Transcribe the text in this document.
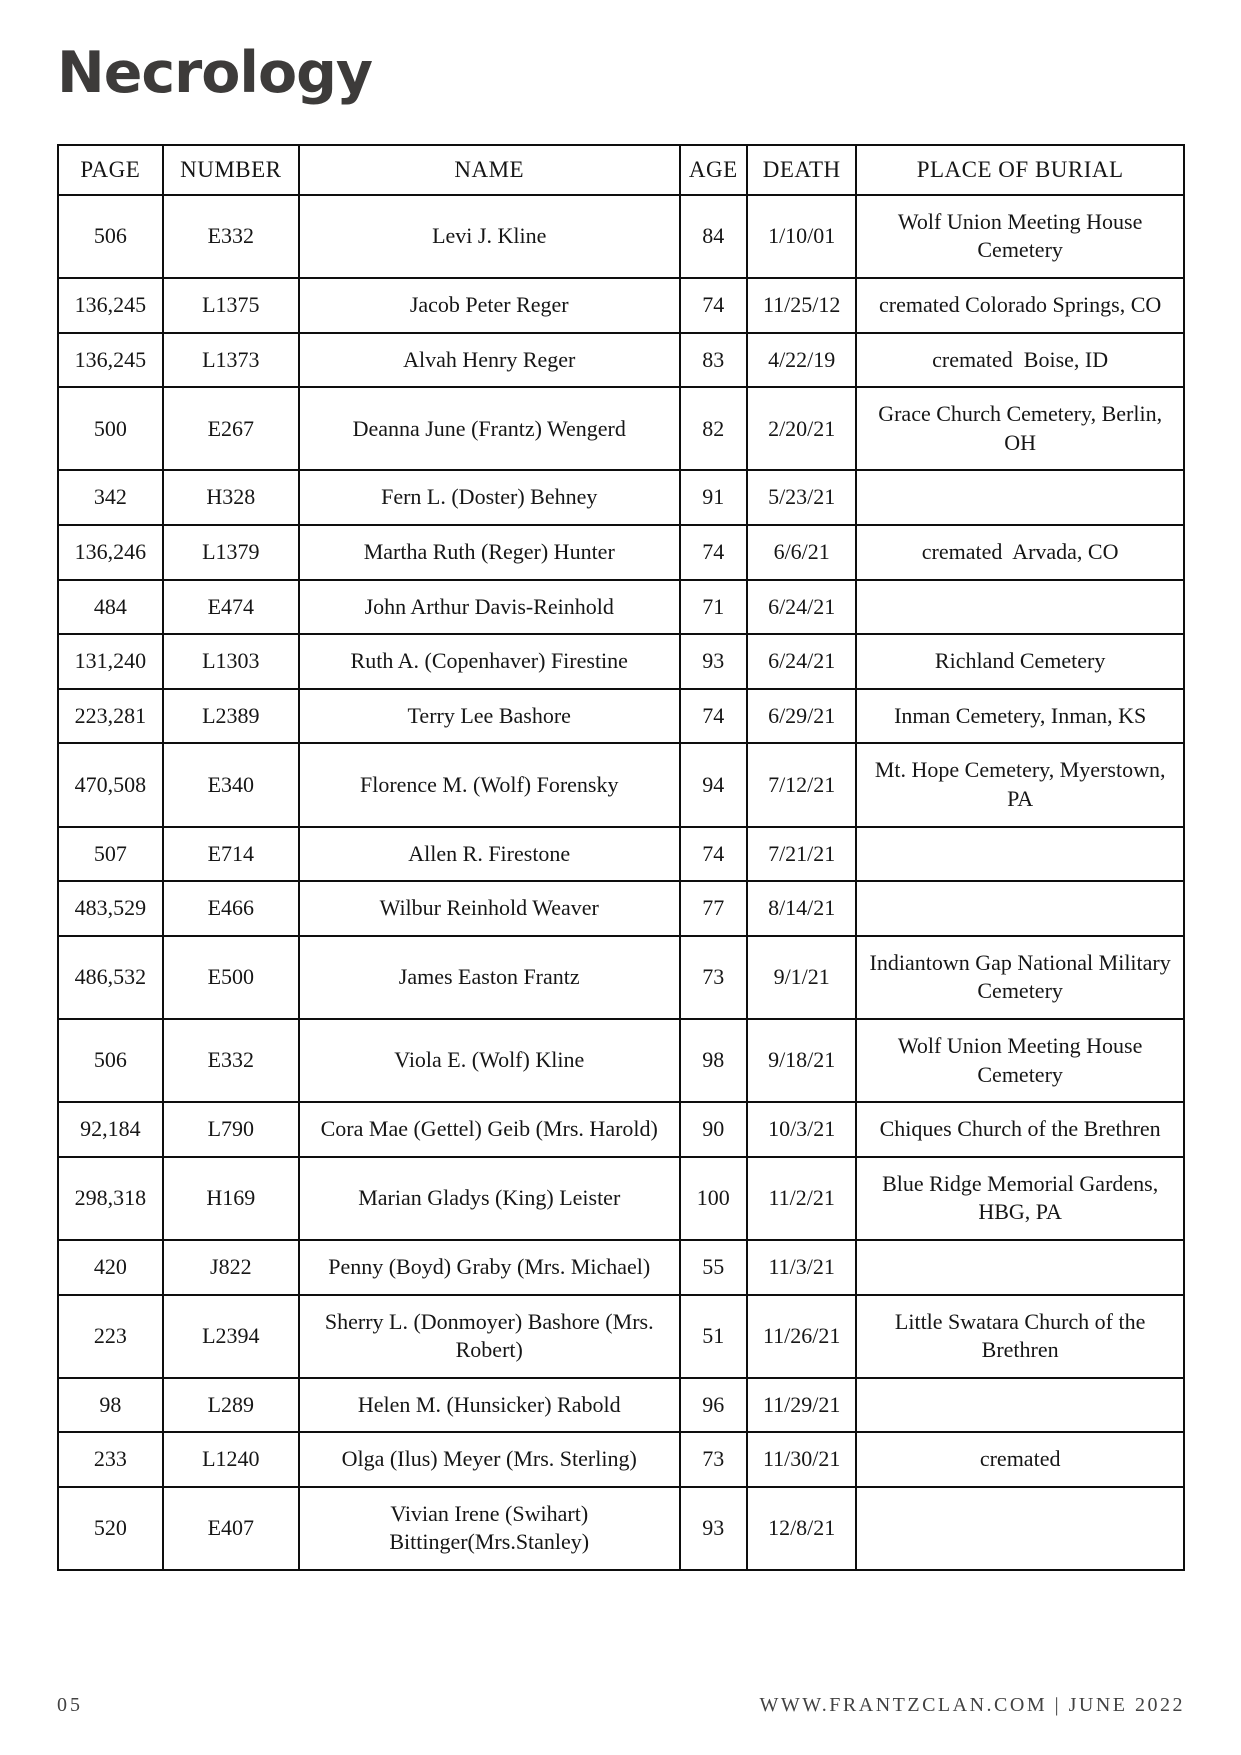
Necrology
PAGE	NUMBER	NAME	AGE	DEATH	PLACE OF BURIAL
506	E332	Levi J. Kline	84	1/10/01	Wolf Union Meeting House Cemetery
136,245	L1375	Jacob Peter Reger	74	11/25/12	cremated Colorado Springs, CO
136,245	L1373	Alvah Henry Reger	83	4/22/19	cremated  Boise, ID
500	E267	Deanna June (Frantz) Wengerd	82	2/20/21	Grace Church Cemetery, Berlin, OH
342	H328	Fern L. (Doster) Behney	91	5/23/21	
136,246	L1379	Martha Ruth (Reger) Hunter	74	6/6/21	cremated  Arvada, CO
484	E474	John Arthur Davis-Reinhold	71	6/24/21	
131,240	L1303	Ruth A. (Copenhaver) Firestine	93	6/24/21	Richland Cemetery
223,281	L2389	Terry Lee Bashore	74	6/29/21	Inman Cemetery, Inman, KS
470,508	E340	Florence M. (Wolf) Forensky	94	7/12/21	Mt. Hope Cemetery, Myerstown, PA
507	E714	Allen R. Firestone	74	7/21/21	
483,529	E466	Wilbur Reinhold Weaver	77	8/14/21	
486,532	E500	James Easton Frantz	73	9/1/21	Indiantown Gap National Military Cemetery
506	E332	Viola E. (Wolf) Kline	98	9/18/21	Wolf Union Meeting House Cemetery
92,184	L790	Cora Mae (Gettel) Geib (Mrs. Harold)	90	10/3/21	Chiques Church of the Brethren
298,318	H169	Marian Gladys (King) Leister	100	11/2/21	Blue Ridge Memorial Gardens, HBG, PA
420	J822	Penny (Boyd) Graby (Mrs. Michael)	55	11/3/21	
223	L2394	Sherry L. (Donmoyer) Bashore (Mrs. Robert)	51	11/26/21	Little Swatara Church of the Brethren
98	L289	Helen M. (Hunsicker) Rabold	96	11/29/21	
233	L1240	Olga (Ilus) Meyer (Mrs. Sterling)	73	11/30/21	cremated
520	E407	Vivian Irene (Swihart) Bittinger(Mrs.Stanley)	93	12/8/21	
05	WWW.FRANTZCLAN.COM | JUNE 2022
